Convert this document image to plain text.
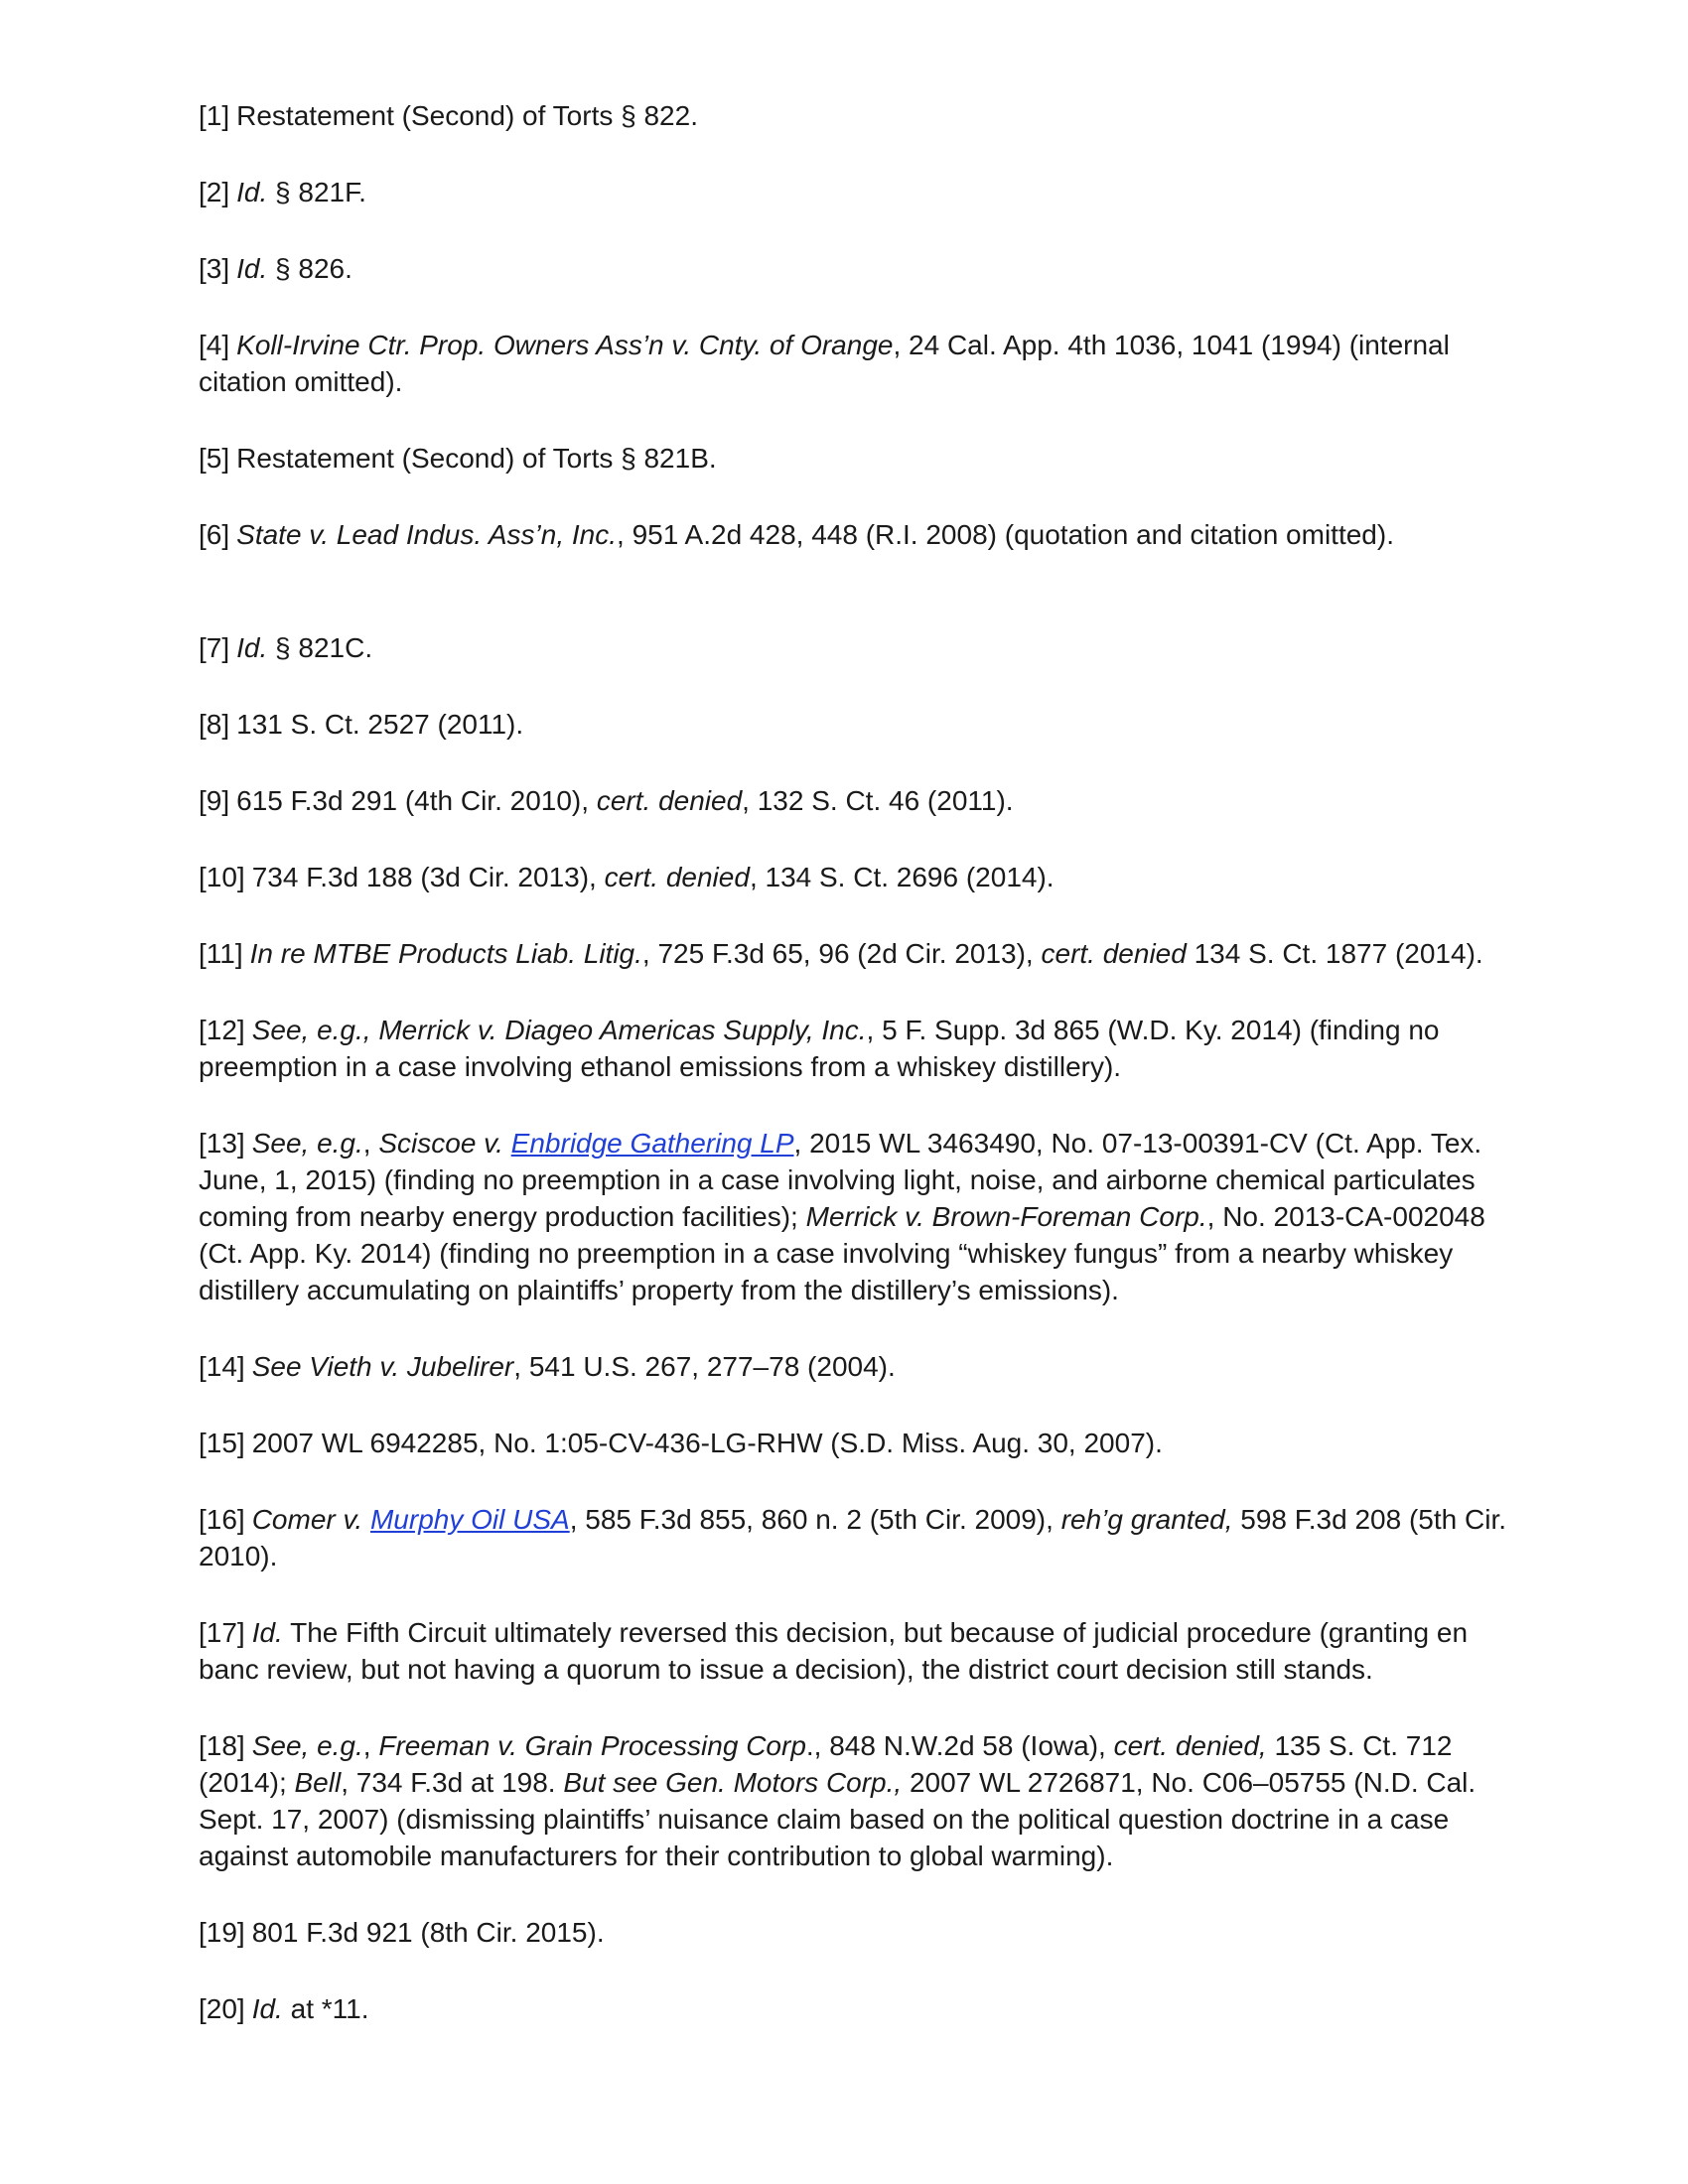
[1] Restatement (Second) of Torts § 822.

[2] Id. § 821F.

[3] Id. § 826.

[4] Koll-Irvine Ctr. Prop. Owners Ass’n v. Cnty. of Orange, 24 Cal. App. 4th 1036, 1041 (1994) (internal citation omitted).

[5] Restatement (Second) of Torts § 821B.

[6] State v. Lead Indus. Ass’n, Inc., 951 A.2d 428, 448 (R.I. 2008) (quotation and citation omitted).

[7] Id. § 821C.

[8] 131 S. Ct. 2527 (2011).

[9] 615 F.3d 291 (4th Cir. 2010), cert. denied, 132 S. Ct. 46 (2011).

[10] 734 F.3d 188 (3d Cir. 2013), cert. denied, 134 S. Ct. 2696 (2014).

[11] In re MTBE Products Liab. Litig., 725 F.3d 65, 96 (2d Cir. 2013), cert. denied 134 S. Ct. 1877 (2014).

[12] See, e.g., Merrick v. Diageo Americas Supply, Inc., 5 F. Supp. 3d 865 (W.D. Ky. 2014) (finding no preemption in a case involving ethanol emissions from a whiskey distillery).

[13] See, e.g., Sciscoe v. Enbridge Gathering LP, 2015 WL 3463490, No. 07-13-00391-CV (Ct. App. Tex. June, 1, 2015) (finding no preemption in a case involving light, noise, and airborne chemical particulates coming from nearby energy production facilities); Merrick v. Brown-Foreman Corp., No. 2013-CA-002048 (Ct. App. Ky. 2014) (finding no preemption in a case involving “whiskey fungus” from a nearby whiskey distillery accumulating on plaintiffs’ property from the distillery’s emissions).

[14] See Vieth v. Jubelirer, 541 U.S. 267, 277–78 (2004).

[15] 2007 WL 6942285, No. 1:05-CV-436-LG-RHW (S.D. Miss. Aug. 30, 2007).

[16] Comer v. Murphy Oil USA, 585 F.3d 855, 860 n. 2 (5th Cir. 2009), reh’g granted, 598 F.3d 208 (5th Cir. 2010).

[17] Id. The Fifth Circuit ultimately reversed this decision, but because of judicial procedure (granting en banc review, but not having a quorum to issue a decision), the district court decision still stands.

[18] See, e.g., Freeman v. Grain Processing Corp., 848 N.W.2d 58 (Iowa), cert. denied, 135 S. Ct. 712 (2014); Bell, 734 F.3d at 198. But see Gen. Motors Corp., 2007 WL 2726871, No. C06–05755 (N.D. Cal. Sept. 17, 2007) (dismissing plaintiffs’ nuisance claim based on the political question doctrine in a case against automobile manufacturers for their contribution to global warming).

[19] 801 F.3d 921 (8th Cir. 2015).

[20] Id. at *11.
